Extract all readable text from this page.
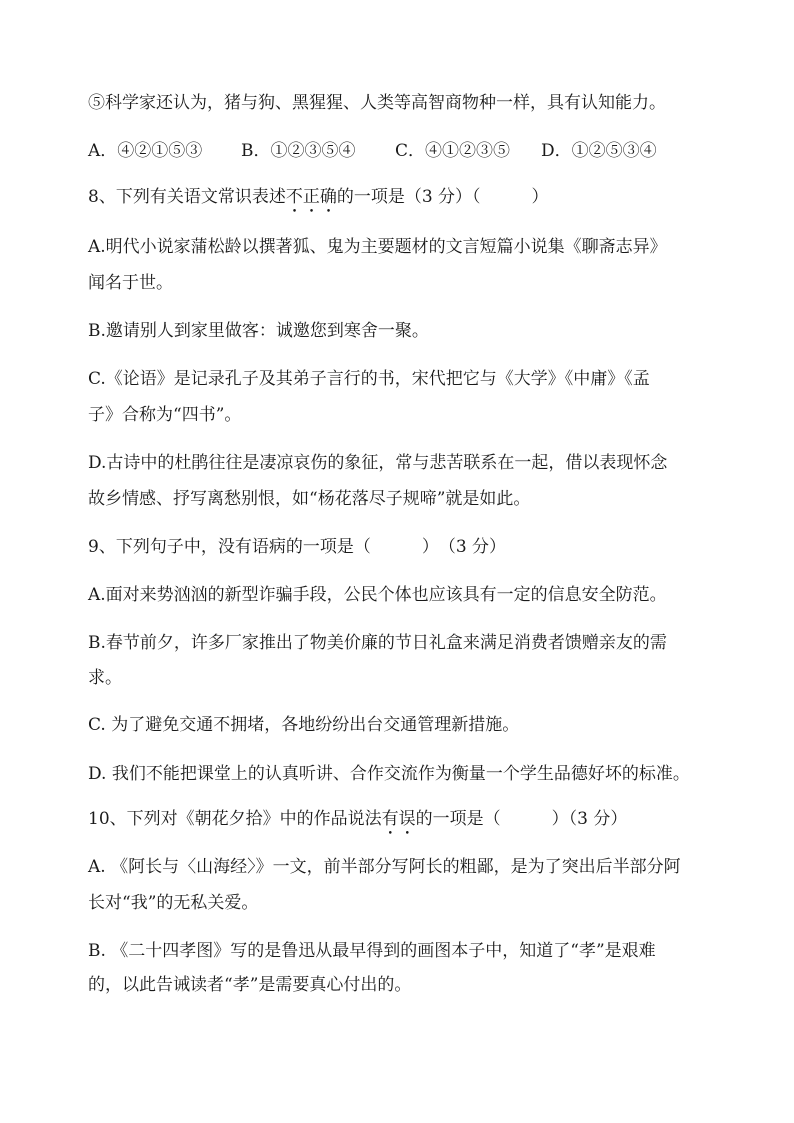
⑤科学家还认为，猪与狗、黑猩猩、人类等高智商物种一样，具有认知能力。

A．④②①⑤③ B．①②③⑤④ C．④①②③⑤ D．①②⑤③④

8、下列有关语文常识表述不正确的一项是（3 分）（　　　）

A.明代小说家蒲松龄以撰著狐、鬼为主要题材的文言短篇小说集《聊斋志异》

闻名于世。

B.邀请别人到家里做客：诚邀您到寒舍一聚。

C.《论语》是记录孔子及其弟子言行的书，宋代把它与《大学》《中庸》《孟

子》合称为“四书”。

D.古诗中的杜鹃往往是凄凉哀伤的象征，常与悲苦联系在一起，借以表现怀念

故乡情感、抒写离愁别恨，如“杨花落尽子规啼”就是如此。

9、下列句子中，没有语病的一项是（　　　）　（3 分）

A.面对来势汹汹的新型诈骗手段，公民个体也应该具有一定的信息安全防范。

B.春节前夕，许多厂家推出了物美价廉的节日礼盒来满足消费者馈赠亲友的需

求。

C. 为了避免交通不拥堵，各地纷纷出台交通管理新措施。

D. 我们不能把课堂上的认真听讲、合作交流作为衡量一个学生品德好坏的标准。

10、下列对《朝花夕拾》中的作品说法有误的一项是（　　　）（3 分）

A. 《阿长与〈山海经〉》一文，前半部分写阿长的粗鄙，是为了突出后半部分阿

长对“我”的无私关爱。

B. 《二十四孝图》写的是鲁迅从最早得到的画图本子中，知道了“孝”是艰难

的，以此告诫读者“孝”是需要真心付出的。
